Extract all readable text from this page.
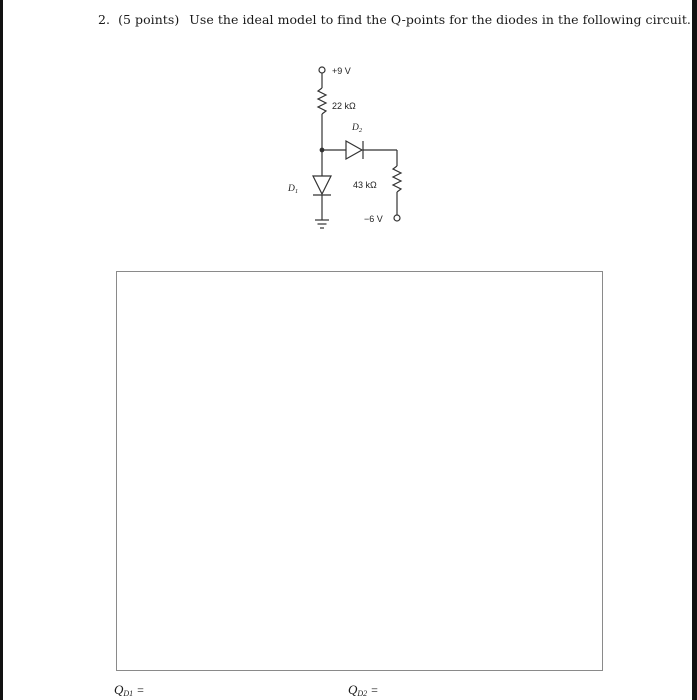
2. (5 points) Use the ideal model to find the Q-points for the diodes in the following circuit.
+9 V
22 kΩ
$D_2$
$D_1$
43 kΩ
−6 V
$Q_{D1}$ =	$Q_{D2}$ =
